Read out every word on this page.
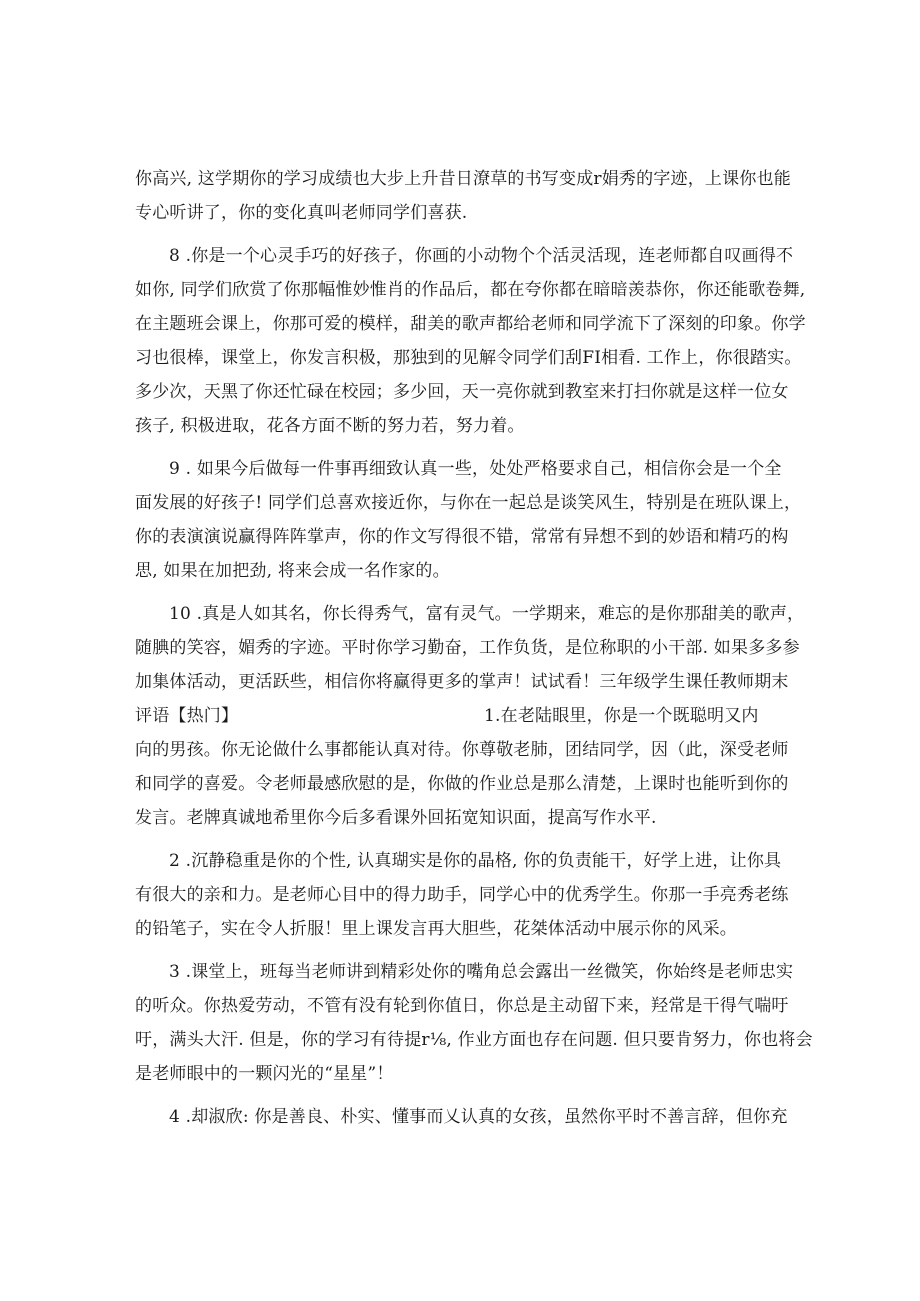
你高兴, 这学期你的学习成绩也大步上升昔日潦草的书写变成r娟秀的字迹，上课你也能
专心听讲了，你的变化真叫老师同学们喜获.
8 .你是一个心灵手巧的好孩子，你画的小动物个个活灵活现，连老师都自叹画得不
如你, 同学们欣赏了你那幅惟妙惟肖的作品后，都在夸你都在暗暗羡恭你，你还能歌卷舞,
在主题班会课上，你那可爱的模样，甜美的歌声都给老师和同学流下了深刻的印象。你学
习也很棒，课堂上，你发言积极，那独到的见解令同学们刮FI相看. 工作上，你很踏实。
多少次，天黑了你还忙碌在校园；多少回，天一亮你就到教室来打扫你就是这样一位女
孩子, 积极进取，花各方面不断的努力若，努力着。
9 . 如果今后做每一件事再细致认真一些，处处严格要求自己，相信你会是一个全
面发展的好孩子! 同学们总喜欢接近你，与你在一起总是谈笑风生，特别是在班队课上，
你的表演演说赢得阵阵掌声，你的作文写得很不错，常常有异想不到的妙语和精巧的构
思, 如果在加把劲, 将来会成一名作家的。
10 .真是人如其名，你长得秀气，富有灵气。一学期来，难忘的是你那甜美的歌声，
随腆的笑容，媚秀的字迹。平时你学习勤奋，工作负货，是位称职的小干部. 如果多多参
加集体活动，更活跃些，相信你将赢得更多的掌声！试试看！三年级学生课任教师期末
评语【热门】	1.在老陆眼里，你是一个既聪明又内
向的男孩。你无论做什么事都能认真对待。你尊敬老肺，团结同学，因（此，深受老师
和同学的喜爱。令老师最感欣慰的是，你做的作业总是那么清楚，上课时也能听到你的
发言。老牌真诚地希里你今后多看课外回拓宽知识面，提高写作水平.
2 .沉静稳重是你的个性, 认真瑚实是你的晶格, 你的负责能干，好学上进，让你具
有很大的亲和力。是老师心目中的得力助手，同学心中的优秀学生。你那一手亮秀老练
的铅笔子，实在令人折服！里上课发言再大胆些，花桀体活动中展示你的风采。
3 .课堂上，班每当老师讲到精彩处你的嘴角总会露出一丝微笑，你始终是老师忠实
的听众。你热爱劳动，不管有没有轮到你值日，你总是主动留下来，羟常是干得气喘吁
吁，满头大汗. 但是，你的学习有待提r⅛, 作业方面也存在问题. 但只要肯努力，你也将会
是老师眼中的一颗闪光的“星星”！
4 .却淑欣: 你是善良、朴实、懂事而乂认真的女孩，虽然你平时不善言辞，但你充
